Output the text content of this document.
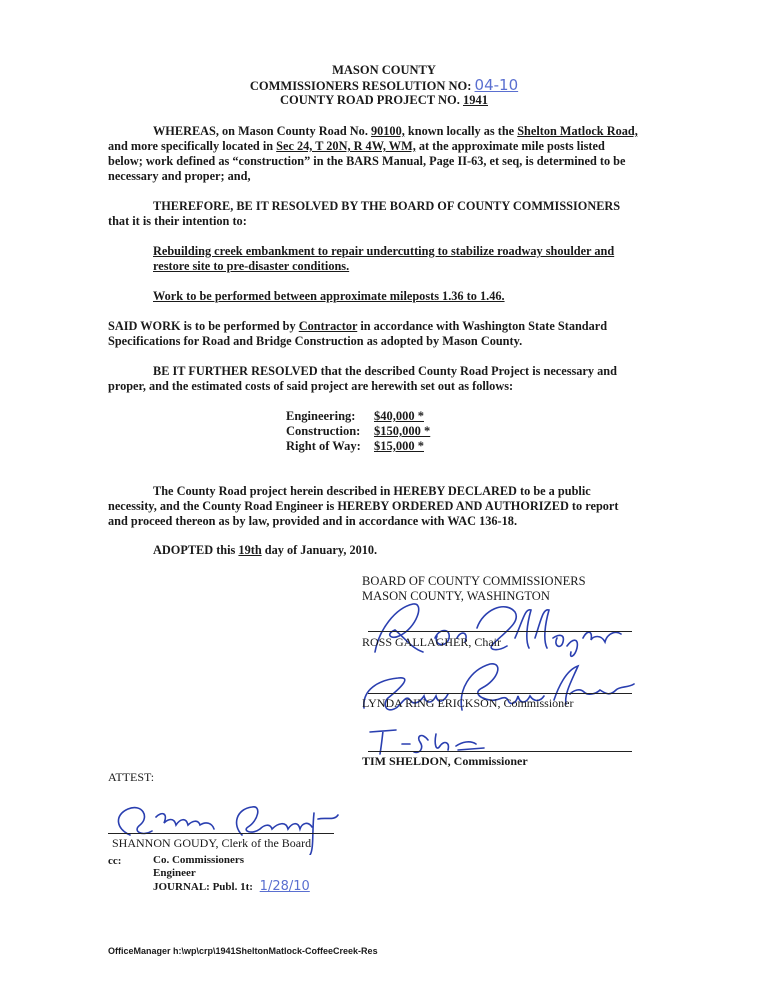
MASON COUNTY
COMMISSIONERS RESOLUTION NO: 04-10
COUNTY ROAD PROJECT NO. 1941
WHEREAS, on Mason County Road No. 90100, known locally as the Shelton Matlock Road,
and more specifically located in Sec 24, T 20N, R 4W, WM, at the approximate mile posts listed
below; work defined as “construction” in the BARS Manual, Page II-63, et seq, is determined to be
necessary and proper; and,
THEREFORE, BE IT RESOLVED BY THE BOARD OF COUNTY COMMISSIONERS
that it is their intention to:
Rebuilding creek embankment to repair undercutting to stabilize roadway shoulder and
restore site to pre-disaster conditions.
Work to be performed between approximate mileposts 1.36 to 1.46.
SAID WORK is to be performed by Contractor in accordance with Washington State Standard
Specifications for Road and Bridge Construction as adopted by Mason County.
BE IT FURTHER RESOLVED that the described County Road Project is necessary and
proper, and the estimated costs of said project are herewith set out as follows:
Engineering:	$40,000 *
Construction:	$150,000 *
Right of Way:	$15,000 *
The County Road project herein described in HEREBY DECLARED to be a public
necessity, and the County Road Engineer is HEREBY ORDERED AND AUTHORIZED to report
and proceed thereon as by law, provided and in accordance with WAC 136-18.
ADOPTED this 19th day of January, 2010.
BOARD OF COUNTY COMMISSIONERS
MASON COUNTY, WASHINGTON
ROSS GALLAGHER, Chair
LYNDA RING ERICKSON, Commissioner
TIM SHELDON, Commissioner
ATTEST:
SHANNON GOUDY, Clerk of the Board
cc:	Co. Commissioners
Engineer
JOURNAL: Publ. 1t: 1/28/10
OfficeManager h:\wp\crp\1941SheltonMatlock-CoffeeCreek-Res
